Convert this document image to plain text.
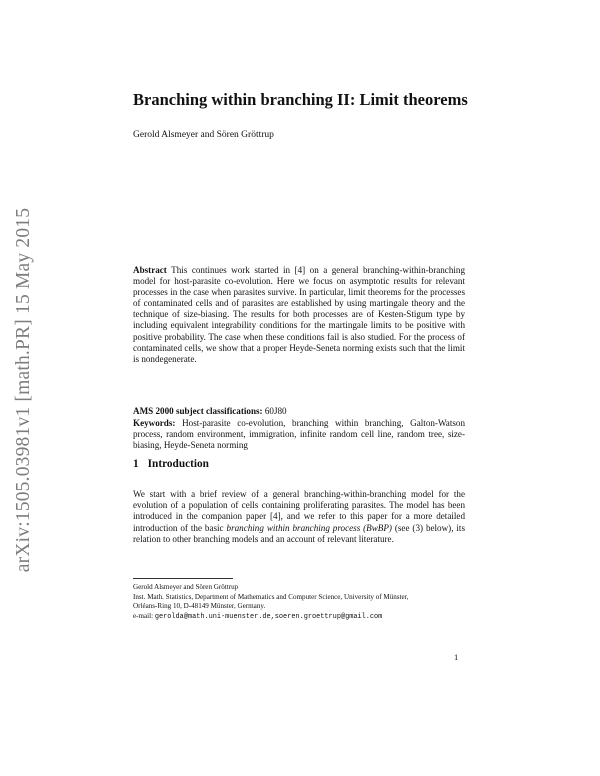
arXiv:1505.03981v1 [math.PR] 15 May 2015
Branching within branching II: Limit theorems
Gerold Alsmeyer and Sören Gröttrup

Abstract This continues work started in [4] on a general branching-within-branching model for host-parasite co-evolution. Here we focus on asymptotic results for relevant processes in the case when parasites survive. In particular, limit theorems for the processes of contaminated cells and of parasites are established by using martingale theory and the technique of size-biasing. The results for both processes are of Kesten-Stigum type by including equivalent integrability conditions for the martingale limits to be positive with positive probability. The case when these conditions fail is also studied. For the process of contaminated cells, we show that a proper Heyde-Seneta norming exists such that the limit is nondegenerate.

AMS 2000 subject classifications: 60J80

Keywords: Host-parasite co-evolution, branching within branching, Galton-Watson process, random environment, immigration, infinite random cell line, random tree, size-biasing, Heyde-Seneta norming

1 Introduction

We start with a brief review of a general branching-within-branching model for the evolution of a population of cells containing proliferating parasites. The model has been introduced in the companion paper [4], and we refer to this paper for a more detailed introduction of the basic branching within branching process (BwBP) (see (3) below), its relation to other branching models and an account of relevant literature.

Gerold Alsmeyer and Sören Gröttrup
Inst. Math. Statistics, Department of Mathematics and Computer Science, University of Münster,
Orléans-Ring 10, D-48149 Münster, Germany.
e-mail: gerolda@math.uni-muenster.de,soeren.groettrup@gmail.com
1
